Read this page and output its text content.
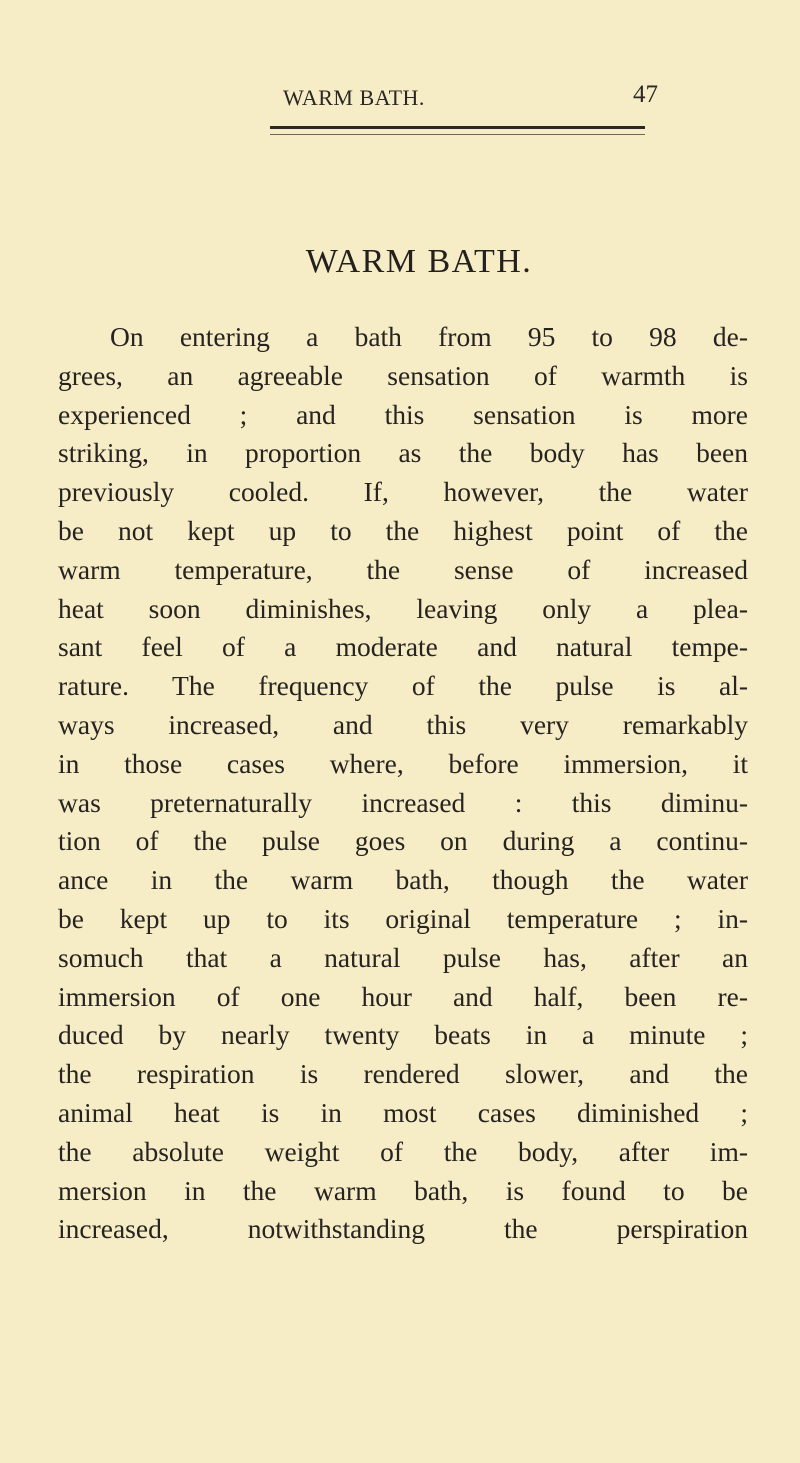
WARM BATH.	47
WARM BATH.
On entering a bath from 95 to 98 de-
grees, an agreeable sensation of warmth is
experienced ; and this sensation is more
striking, in proportion as the body has been
previously cooled. If, however, the water
be not kept up to the highest point of the
warm temperature, the sense of increased
heat soon diminishes, leaving only a plea-
sant feel of a moderate and natural tempe-
rature. The frequency of the pulse is al-
ways increased, and this very remarkably
in those cases where, before immersion, it
was preternaturally increased : this diminu-
tion of the pulse goes on during a continu-
ance in the warm bath, though the water
be kept up to its original temperature ; in-
somuch that a natural pulse has, after an
immersion of one hour and half, been re-
duced by nearly twenty beats in a minute ;
the respiration is rendered slower, and the
animal heat is in most cases diminished ;
the absolute weight of the body, after im-
mersion in the warm bath, is found to be
increased, notwithstanding the perspiration
